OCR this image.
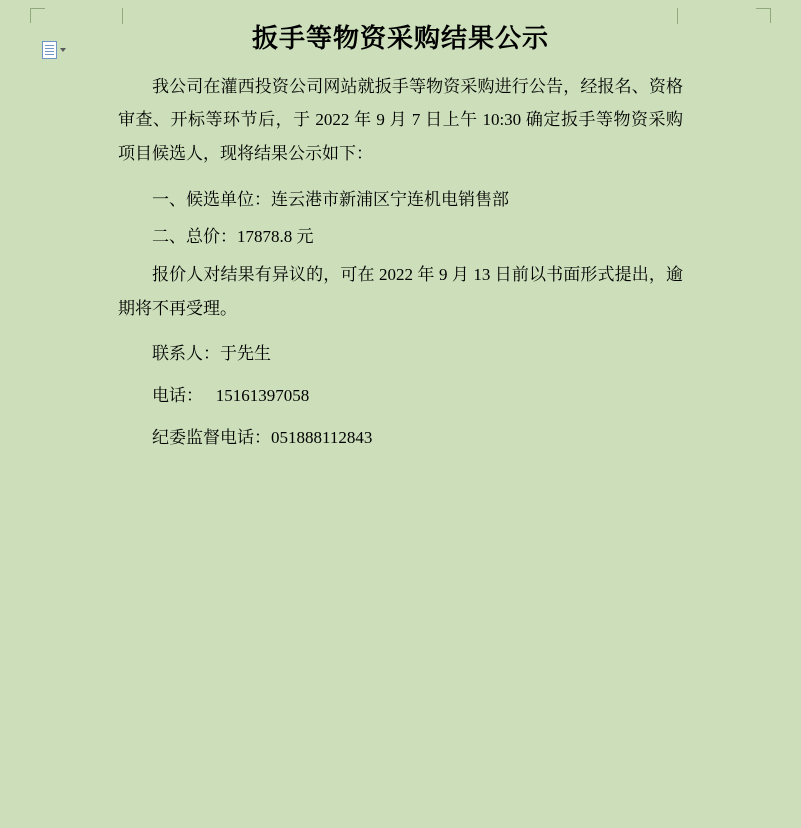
扳手等物资采购结果公示

我公司在灌西投资公司网站就扳手等物资采购进行公告，经报名、资格审查、开标等环节后，于 2022 年 9 月 7 日上午 10:30 确定扳手等物资采购项目候选人，现将结果公示如下：

一、候选单位：连云港市新浦区宁连机电销售部

二、总价：17878.8 元

报价人对结果有异议的，可在 2022 年 9 月 13 日前以书面形式提出，逾期将不再受理。

联系人：于先生

电话：　 15161397058

纪委监督电话：051888112843
